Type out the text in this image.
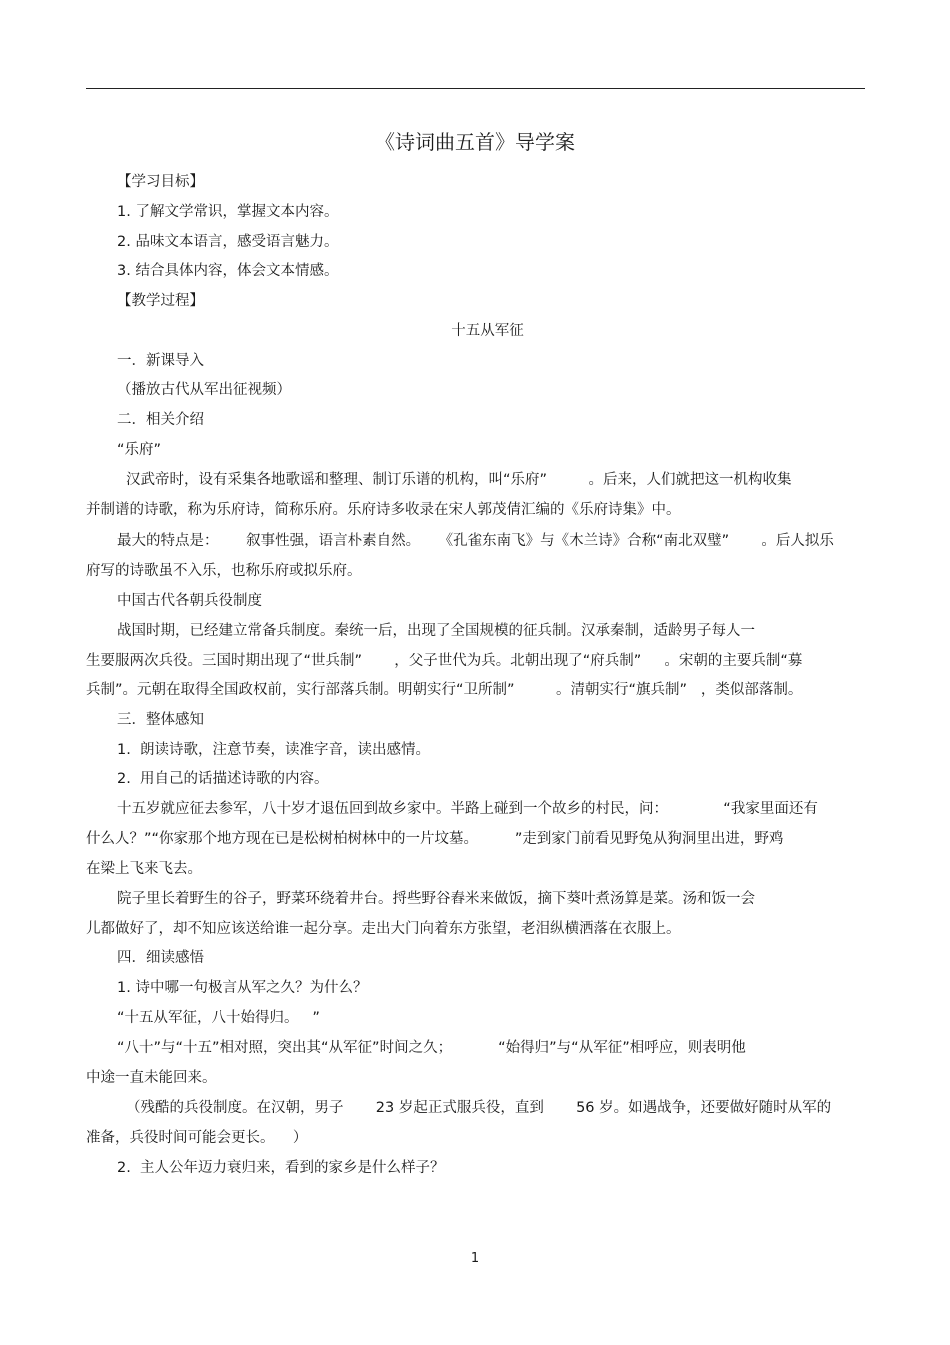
《诗词曲五首》导学案
【学习目标】
1. 了解文学常识，掌握文本内容。
2. 品味文本语言，感受语言魅力。
3. 结合具体内容，体会文本情感。
【教学过程】
十五从军征
一．新课导入
（播放古代从军出征视频）
二．相关介绍
“乐府”
汉武帝时，设有采集各地歌谣和整理、制订乐谱的机构，叫“乐府”         。后来，人们就把这一机构收集
并制谱的诗歌，称为乐府诗，简称乐府。乐府诗多收录在宋人郭茂倩汇编的《乐府诗集》中。
最大的特点是：      叙事性强，语言朴素自然。    《孔雀东南飞》与《木兰诗》合称“南北双璧”       。后人拟乐
府写的诗歌虽不入乐，也称乐府或拟乐府。
中国古代各朝兵役制度
战国时期，已经建立常备兵制度。秦统一后，出现了全国规模的征兵制。汉承秦制，适龄男子每人一
生要服两次兵役。三国时期出现了“世兵制”       ，父子世代为兵。北朝出现了“府兵制”     。宋朝的主要兵制“募
兵制”。元朝在取得全国政权前，实行部落兵制。明朝实行“卫所制”         。清朝实行“旗兵制”   ，类似部落制。
三．整体感知
1.  朗读诗歌，注意节奏，读准字音，读出感情。
2.  用自己的话描述诗歌的内容。
十五岁就应征去参军，八十岁才退伍回到故乡家中。半路上碰到一个故乡的村民，问：            “我家里面还有
什么人？”“你家那个地方现在已是松树柏树林中的一片坟墓。        ”走到家门前看见野兔从狗洞里出进，野鸡
在梁上飞来飞去。
院子里长着野生的谷子，野菜环绕着井台。捋些野谷舂米来做饭，摘下葵叶煮汤算是菜。汤和饭一会
儿都做好了，却不知应该送给谁一起分享。走出大门向着东方张望，老泪纵横洒落在衣服上。
四．细读感悟
1. 诗中哪一句极言从军之久？为什么？
“十五从军征，八十始得归。   ”
“八十”与“十五”相对照，突出其“从军征”时间之久；          “始得归”与“从军征”相呼应，则表明他
中途一直未能回来。
（残酷的兵役制度。在汉朝，男子       23 岁起正式服兵役，直到       56 岁。如遇战争，还要做好随时从军的
准备，兵役时间可能会更长。    ）
2.  主人公年迈力衰归来，看到的家乡是什么样子？
1
